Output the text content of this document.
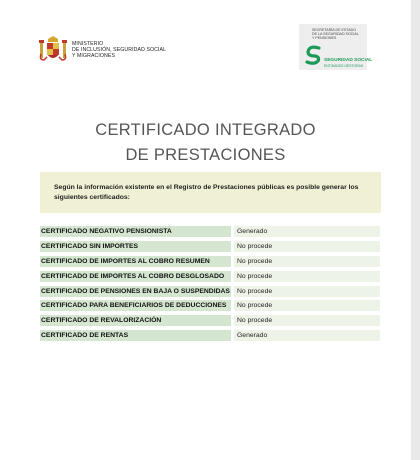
MINISTERIO
DE INCLUSIÓN, SEGURIDAD SOCIAL
Y MIGRACIONES
SECRETARÍA DE ESTADO
DE LA SEGURIDAD SOCIAL
Y PENSIONES
SEGURIDAD SOCIAL
ENTIDADES GESTORAS
CERTIFICADO INTEGRADO
DE PRESTACIONES

Según la información existente en el Registro de Prestaciones públicas es posible generar los siguientes certificados:

CERTIFICADO NEGATIVO PENSIONISTA	Generado
CERTIFICADO SIN IMPORTES	No procede
CERTIFICADO DE IMPORTES AL COBRO RESUMEN	No procede
CERTIFICADO DE IMPORTES AL COBRO DESGLOSADO	No procede
CERTIFICADO DE PENSIONES EN BAJA O SUSPENDIDAS	No procede
CERTIFICADO PARA BENEFICIARIOS DE DEDUCCIONES	No procede
CERTIFICADO DE REVALORIZACIÓN	No procede
CERTIFICADO DE RENTAS	Generado
